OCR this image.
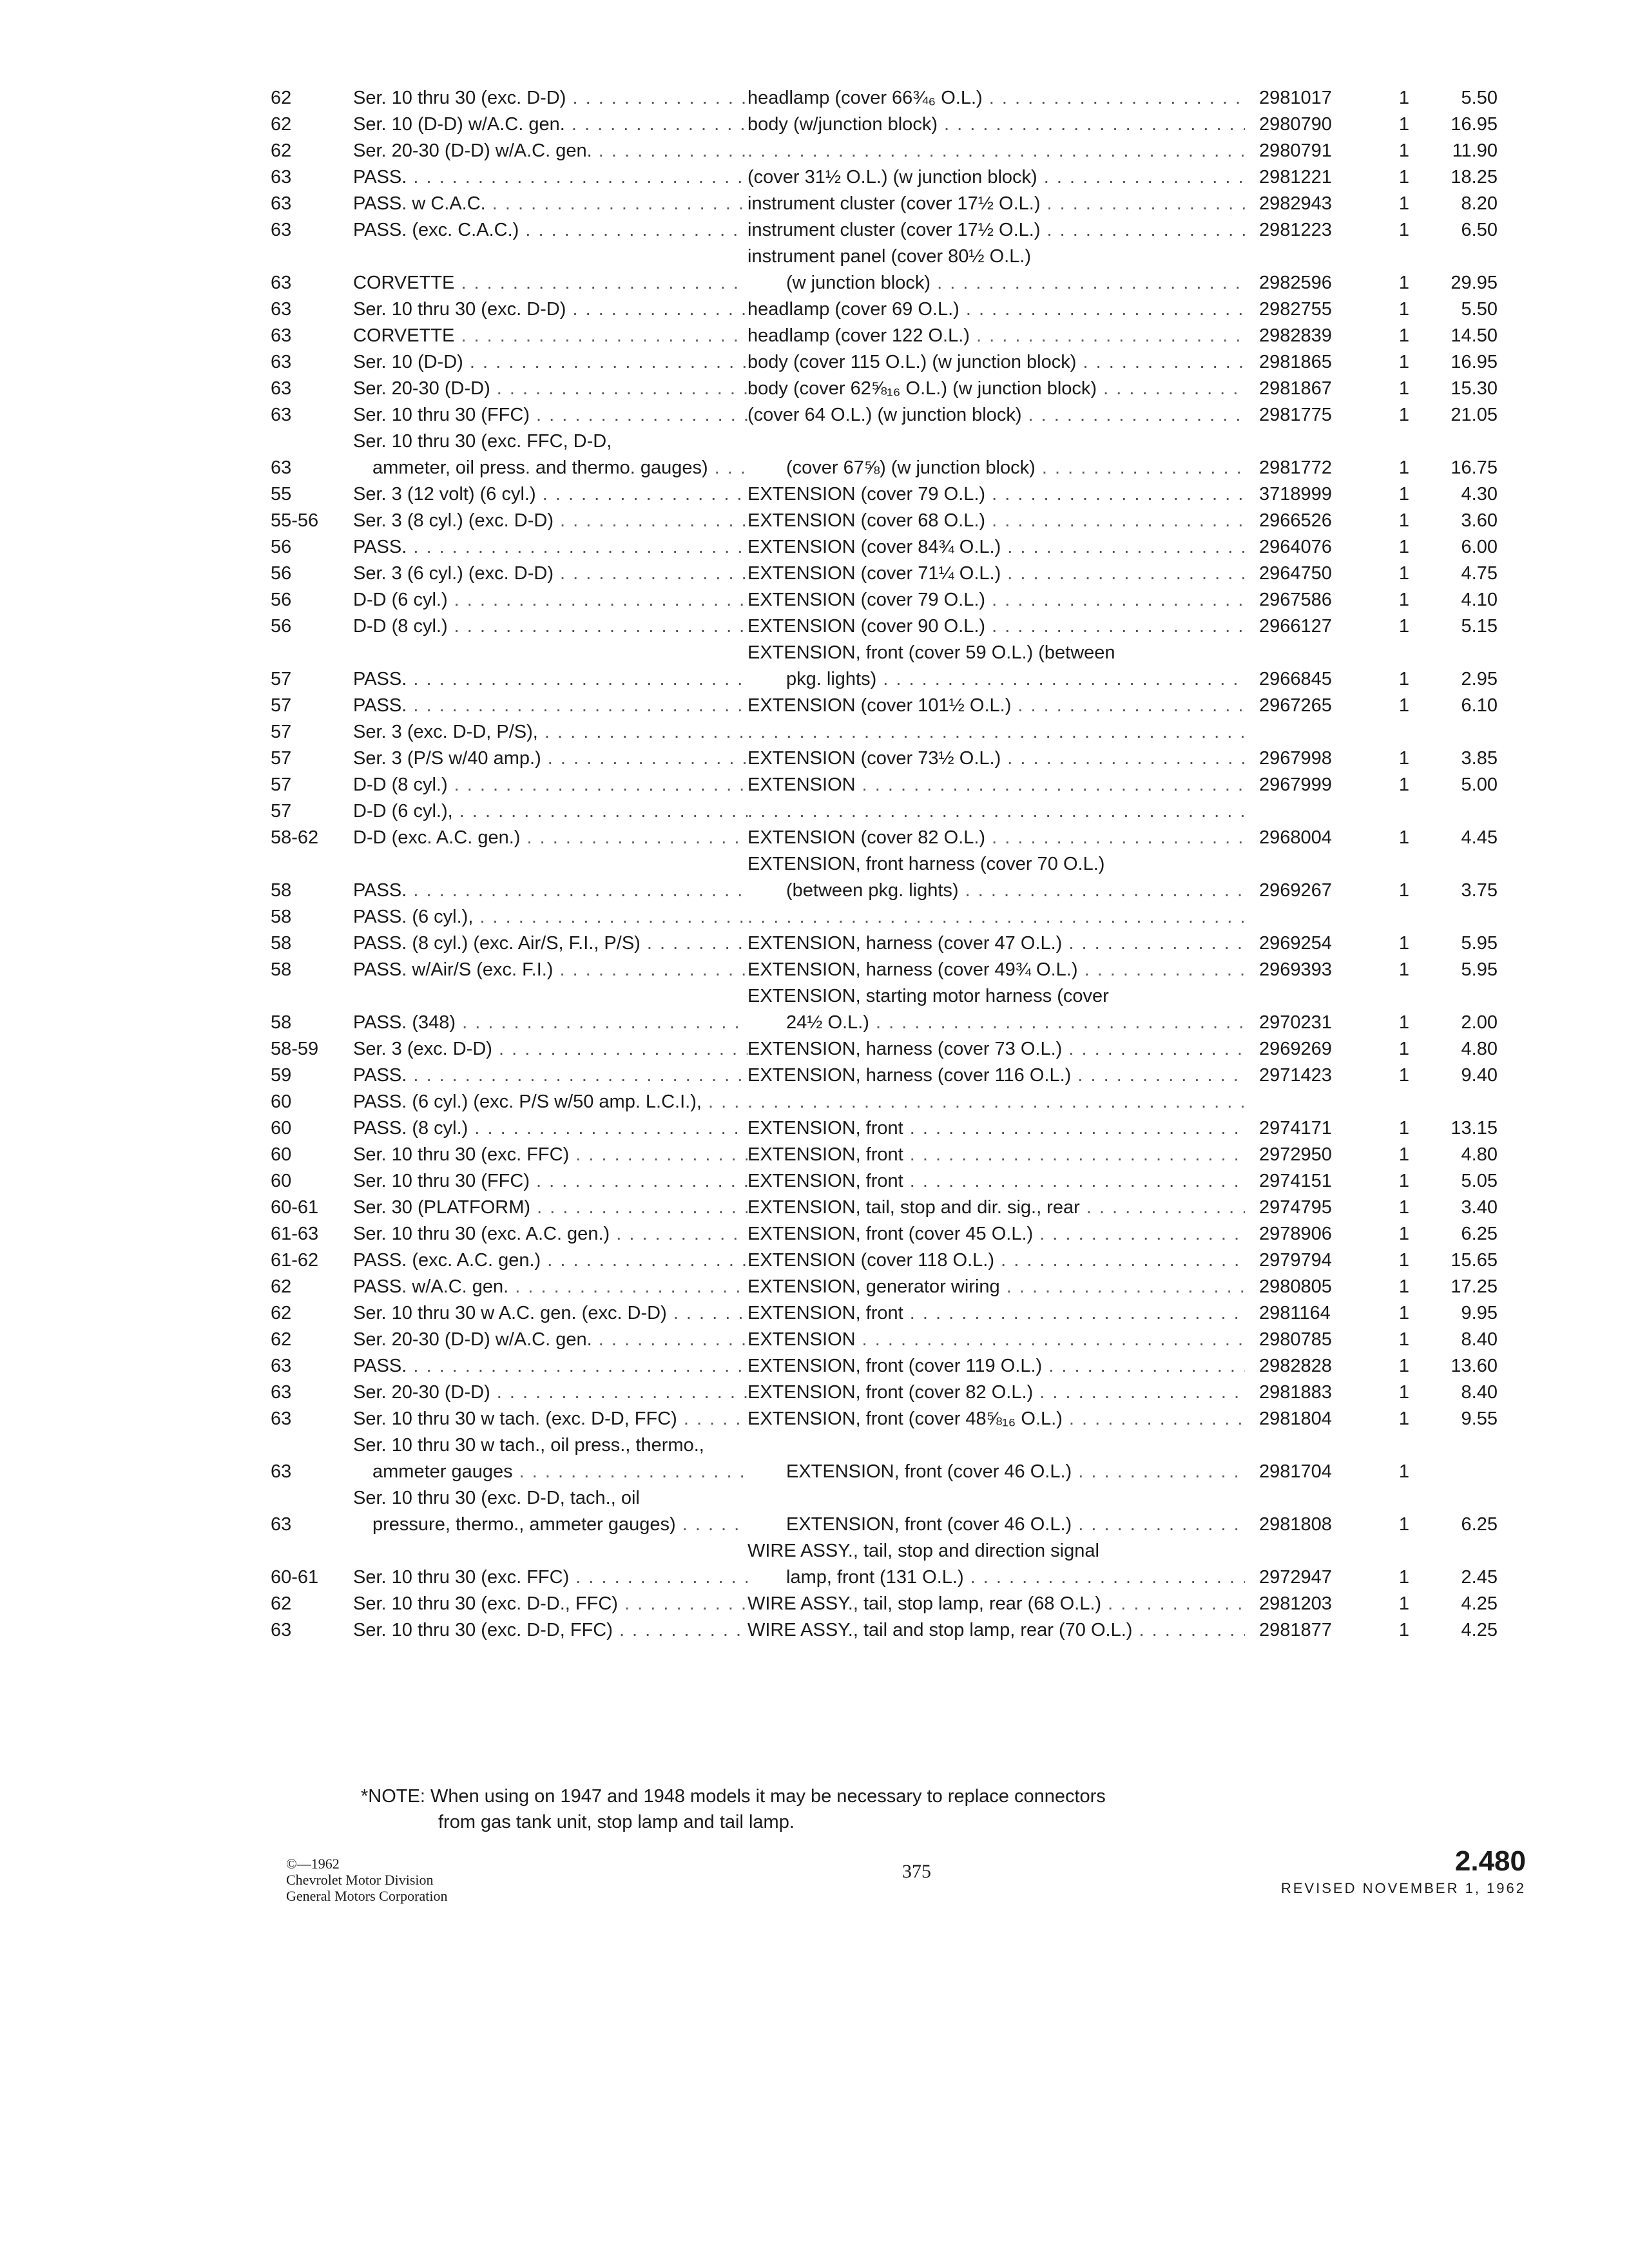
62	Ser. 10 thru 30 (exc. D-D) . . .	headlamp (cover 66¾₆ O.L.) . . .	2981017	1	5.50
62	Ser. 10 (D-D) w/A.C. gen. . . .	body (w/junction block) . . .	2980790	1	16.95
62	Ser. 20-30 (D-D) w/A.C. gen. . . .
. . .	2980791	1	11.90
63	PASS. . . .	(cover 31½ O.L.) (w junction block) . . .	2981221	1	18.25
63	PASS. w C.A.C. . . .	instrument cluster (cover 17½ O.L.) . . .	2982943	1	8.20
63	PASS. (exc. C.A.C.) . . .	instrument cluster (cover 17½ O.L.) . . .	2981223	1	6.50
63	CORVETTE . . .
instrument panel (cover 80½ O.L.)
(w junction block) . . .	2982596	1	29.95
63	Ser. 10 thru 30 (exc. D-D) . . .	headlamp (cover 69 O.L.) . . .	2982755	1	5.50
63	CORVETTE . . .	headlamp (cover 122 O.L.) . . .	2982839	1	14.50
63	Ser. 10 (D-D) . . .	body (cover 115 O.L.) (w junction block) . . .	2981865	1	16.95
63	Ser. 20-30 (D-D) . . .	body (cover 62⅝₁₆ O.L.) (w junction block) . . .	2981867	1	15.30
63	Ser. 10 thru 30 (FFC) . . .	(cover 64 O.L.) (w junction block) . . .	2981775	1	21.05
63
Ser. 10 thru 30 (exc. FFC, D-D,
ammeter, oil press. and thermo. gauges) . . .
	(cover 67⅝) (w junction block) . . .	2981772	1	16.75
55	Ser. 3 (12 volt) (6 cyl.) . . .	EXTENSION (cover 79 O.L.) . . .	3718999	1	4.30
55-56	Ser. 3 (8 cyl.) (exc. D-D) . . .	EXTENSION (cover 68 O.L.) . . .	2966526	1	3.60
56	PASS. . . .	EXTENSION (cover 84¾ O.L.) . . .	2964076	1	6.00
56	Ser. 3 (6 cyl.) (exc. D-D) . . .	EXTENSION (cover 71¼ O.L.) . . .	2964750	1	4.75
56	D-D (6 cyl.) . . .	EXTENSION (cover 79 O.L.) . . .	2967586	1	4.10
56	D-D (8 cyl.) . . .	EXTENSION (cover 90 O.L.) . . .	2966127	1	5.15
57	PASS. . . .
EXTENSION, front (cover 59 O.L.) (between
pkg. lights) . . .	2966845	1	2.95
57	PASS. . . .	EXTENSION (cover 101½ O.L.) . . .	2967265	1	6.10
57	Ser. 3 (exc. D-D, P/S), . . .
. . .
57	Ser. 3 (P/S w/40 amp.) . . .	EXTENSION (cover 73½ O.L.) . . .	2967998	1	3.85
57	D-D (8 cyl.) . . .	EXTENSION . . .	2967999	1	5.00
57	D-D (6 cyl.), . . .
. . .
58-62	D-D (exc. A.C. gen.) . . .	EXTENSION (cover 82 O.L.) . . .	2968004	1	4.45
58	PASS. . . .
EXTENSION, front harness (cover 70 O.L.)
(between pkg. lights) . . .	2969267	1	3.75
58	PASS. (6 cyl.), . . .
. . .
58	PASS. (8 cyl.) (exc. Air/S, F.I., P/S) . . .	EXTENSION, harness (cover 47 O.L.) . . .	2969254	1	5.95
58	PASS. w/Air/S (exc. F.I.) . . .	EXTENSION, harness (cover 49¾ O.L.) . . .	2969393	1	5.95
58	PASS. (348) . . .
EXTENSION, starting motor harness (cover
24½ O.L.) . . .	2970231	1	2.00
58-59	Ser. 3 (exc. D-D) . . .	EXTENSION, harness (cover 73 O.L.) . . .	2969269	1	4.80
59	PASS. . . .	EXTENSION, harness (cover 116 O.L.) . . .	2971423	1	9.40
60	PASS. (6 cyl.) (exc. P/S w/50 amp. L.C.I.), . . .
. . .
60	PASS. (8 cyl.) . . .	EXTENSION, front . . .	2974171	1	13.15
60	Ser. 10 thru 30 (exc. FFC) . . .	EXTENSION, front . . .	2972950	1	4.80
60	Ser. 10 thru 30 (FFC) . . .	EXTENSION, front . . .	2974151	1	5.05
60-61	Ser. 30 (PLATFORM) . . .	EXTENSION, tail, stop and dir. sig., rear . . .	2974795	1	3.40
61-63	Ser. 10 thru 30 (exc. A.C. gen.) . . .	EXTENSION, front (cover 45 O.L.) . . .	2978906	1	6.25
61-62	PASS. (exc. A.C. gen.) . . .	EXTENSION (cover 118 O.L.) . . .	2979794	1	15.65
62	PASS. w/A.C. gen. . . .	EXTENSION, generator wiring . . .	2980805	1	17.25
62	Ser. 10 thru 30 w A.C. gen. (exc. D-D) . . .	EXTENSION, front . . .	2981164	1	9.95
62	Ser. 20-30 (D-D) w/A.C. gen. . . .	EXTENSION . . .	2980785	1	8.40
63	PASS. . . .	EXTENSION, front (cover 119 O.L.) . . .	2982828	1	13.60
63	Ser. 20-30 (D-D) . . .	EXTENSION, front (cover 82 O.L.) . . .	2981883	1	8.40
63	Ser. 10 thru 30 w tach. (exc. D-D, FFC) . . .	EXTENSION, front (cover 48⅝₁₆ O.L.) . . .	2981804	1	9.55
63
Ser. 10 thru 30 w tach., oil press., thermo.,
ammeter gauges . . .
	EXTENSION, front (cover 46 O.L.) . . .	2981704	1
63
Ser. 10 thru 30 (exc. D-D, tach., oil
pressure, thermo., ammeter gauges) . . .
	EXTENSION, front (cover 46 O.L.) . . .	2981808	1	6.25
60-61	Ser. 10 thru 30 (exc. FFC) . . .
WIRE ASSY., tail, stop and direction signal
lamp, front (131 O.L.) . . .	2972947	1	2.45
62	Ser. 10 thru 30 (exc. D-D., FFC) . . .	WIRE ASSY., tail, stop lamp, rear (68 O.L.) . . .	2981203	1	4.25
63	Ser. 10 thru 30 (exc. D-D, FFC) . . .	WIRE ASSY., tail and stop lamp, rear (70 O.L.) . . .	2981877	1	4.25
*NOTE: When using on 1947 and 1948 models it may be necessary to replace connectors
from gas tank unit, stop lamp and tail lamp.
©—1962
Chevrolet Motor Division
General Motors Corporation
375	2.480
REVISED NOVEMBER 1, 1962
